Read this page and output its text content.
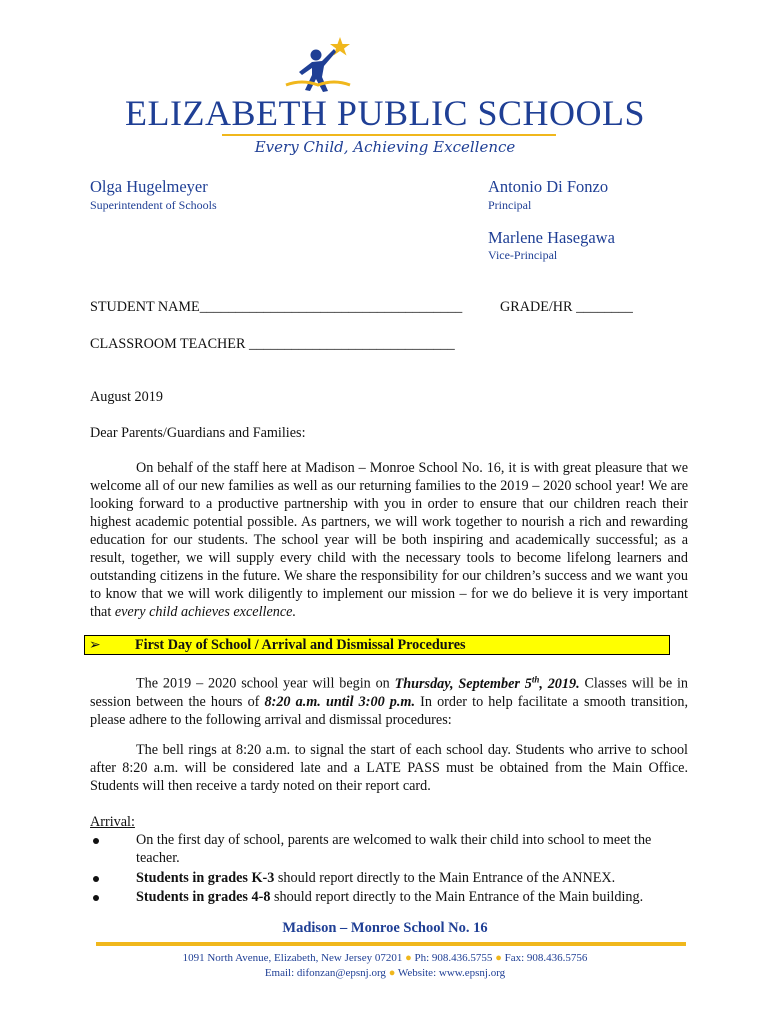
ELIZABETH PUBLIC SCHOOLS
Every Child, Achieving Excellence
Olga Hugelmeyer
Superintendent of Schools
Antonio Di Fonzo
Principal
Marlene Hasegawa
Vice-Principal
STUDENT NAME_____________________________________	GRADE/HR ________
CLASSROOM TEACHER _____________________________
August 2019
Dear Parents/Guardians and Families:
On behalf of the staff here at Madison – Monroe School No. 16, it is with great pleasure that we welcome all of our new families as well as our returning families to the 2019 – 2020 school year! We are looking forward to a productive partnership with you in order to ensure that our children reach their highest academic potential possible. As partners, we will work together to nourish a rich and rewarding education for our students. The school year will be both inspiring and academically successful; as a result, together, we will supply every child with the necessary tools to become lifelong learners and outstanding citizens in the future. We share the responsibility for our children’s success and we want you to know that we will work diligently to implement our mission – for we do believe it is very important that every child achieves excellence.
➢ First Day of School / Arrival and Dismissal Procedures
The 2019 – 2020 school year will begin on Thursday, September 5th, 2019. Classes will be in session between the hours of 8:20 a.m. until 3:00 p.m. In order to help facilitate a smooth transition, please adhere to the following arrival and dismissal procedures:
The bell rings at 8:20 a.m. to signal the start of each school day. Students who arrive to school after 8:20 a.m. will be considered late and a LATE PASS must be obtained from the Main Office. Students will then receive a tardy noted on their report card.
Arrival:
On the first day of school, parents are welcomed to walk their child into school to meet the teacher.
Students in grades K-3 should report directly to the Main Entrance of the ANNEX.
Students in grades 4-8 should report directly to the Main Entrance of the Main building.
Madison – Monroe School No. 16
1091 North Avenue, Elizabeth, New Jersey 07201 ● Ph: 908.436.5755 ● Fax: 908.436.5756
Email: difonzan@epsnj.org ● Website: www.epsnj.org
